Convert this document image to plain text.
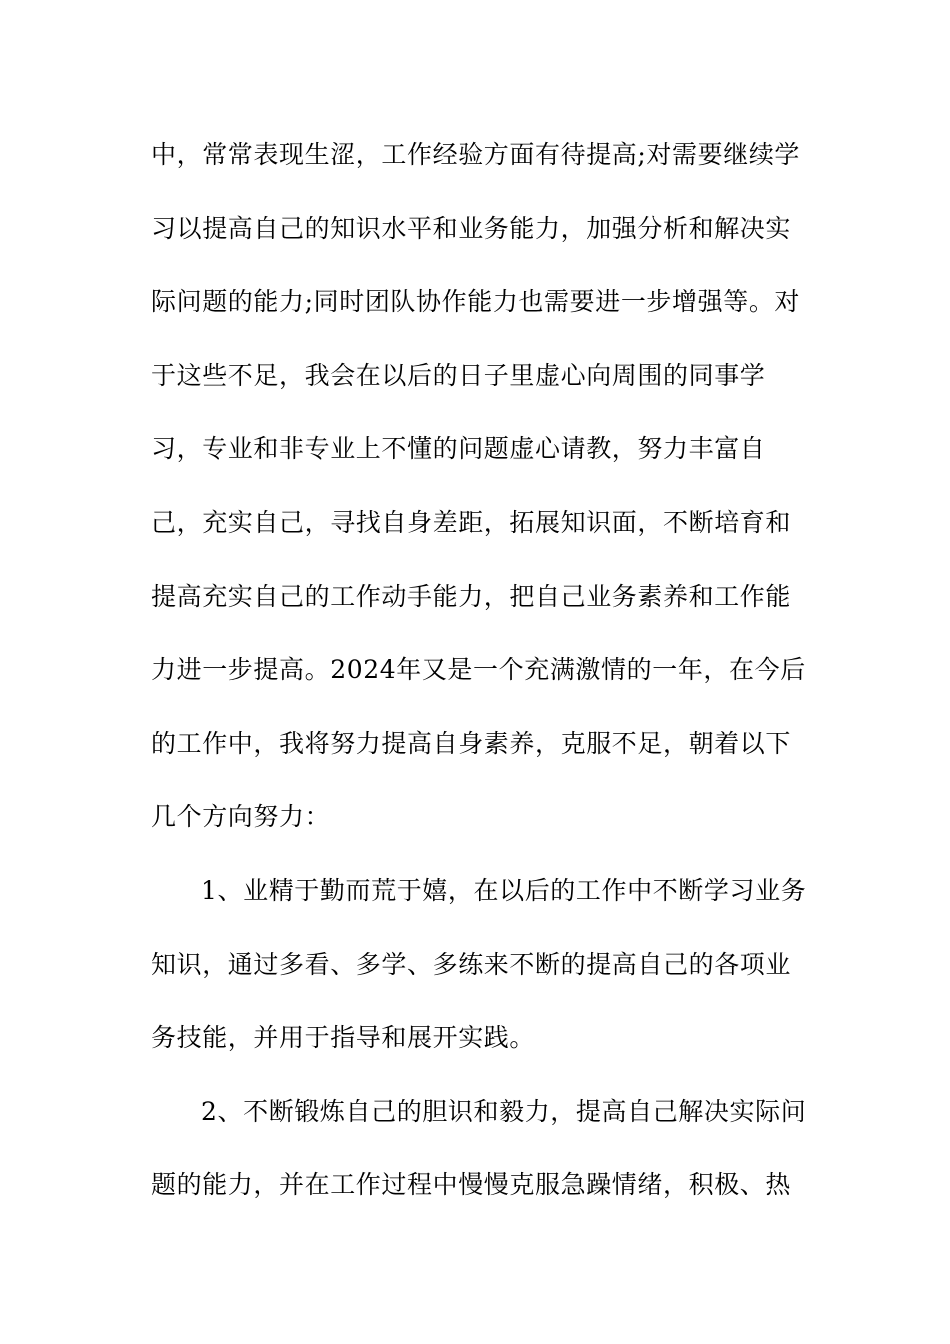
中，常常表现生涩，工作经验方面有待提高;对需要继续学
习以提高自己的知识水平和业务能力，加强分析和解决实
际问题的能力;同时团队协作能力也需要进一步增强等。对
于这些不足，我会在以后的日子里虚心向周围的同事学
习，专业和非专业上不懂的问题虚心请教，努力丰富自
己，充实自己，寻找自身差距，拓展知识面，不断培育和
提高充实自己的工作动手能力，把自己业务素养和工作能
力进一步提高。2024年又是一个充满激情的一年，在今后
的工作中，我将努力提高自身素养，克服不足，朝着以下
几个方向努力：
1、业精于勤而荒于嬉，在以后的工作中不断学习业务
知识，通过多看、多学、多练来不断的提高自己的各项业
务技能，并用于指导和展开实践。
2、不断锻炼自己的胆识和毅力，提高自己解决实际问
题的能力，并在工作过程中慢慢克服急躁情绪，积极、热
